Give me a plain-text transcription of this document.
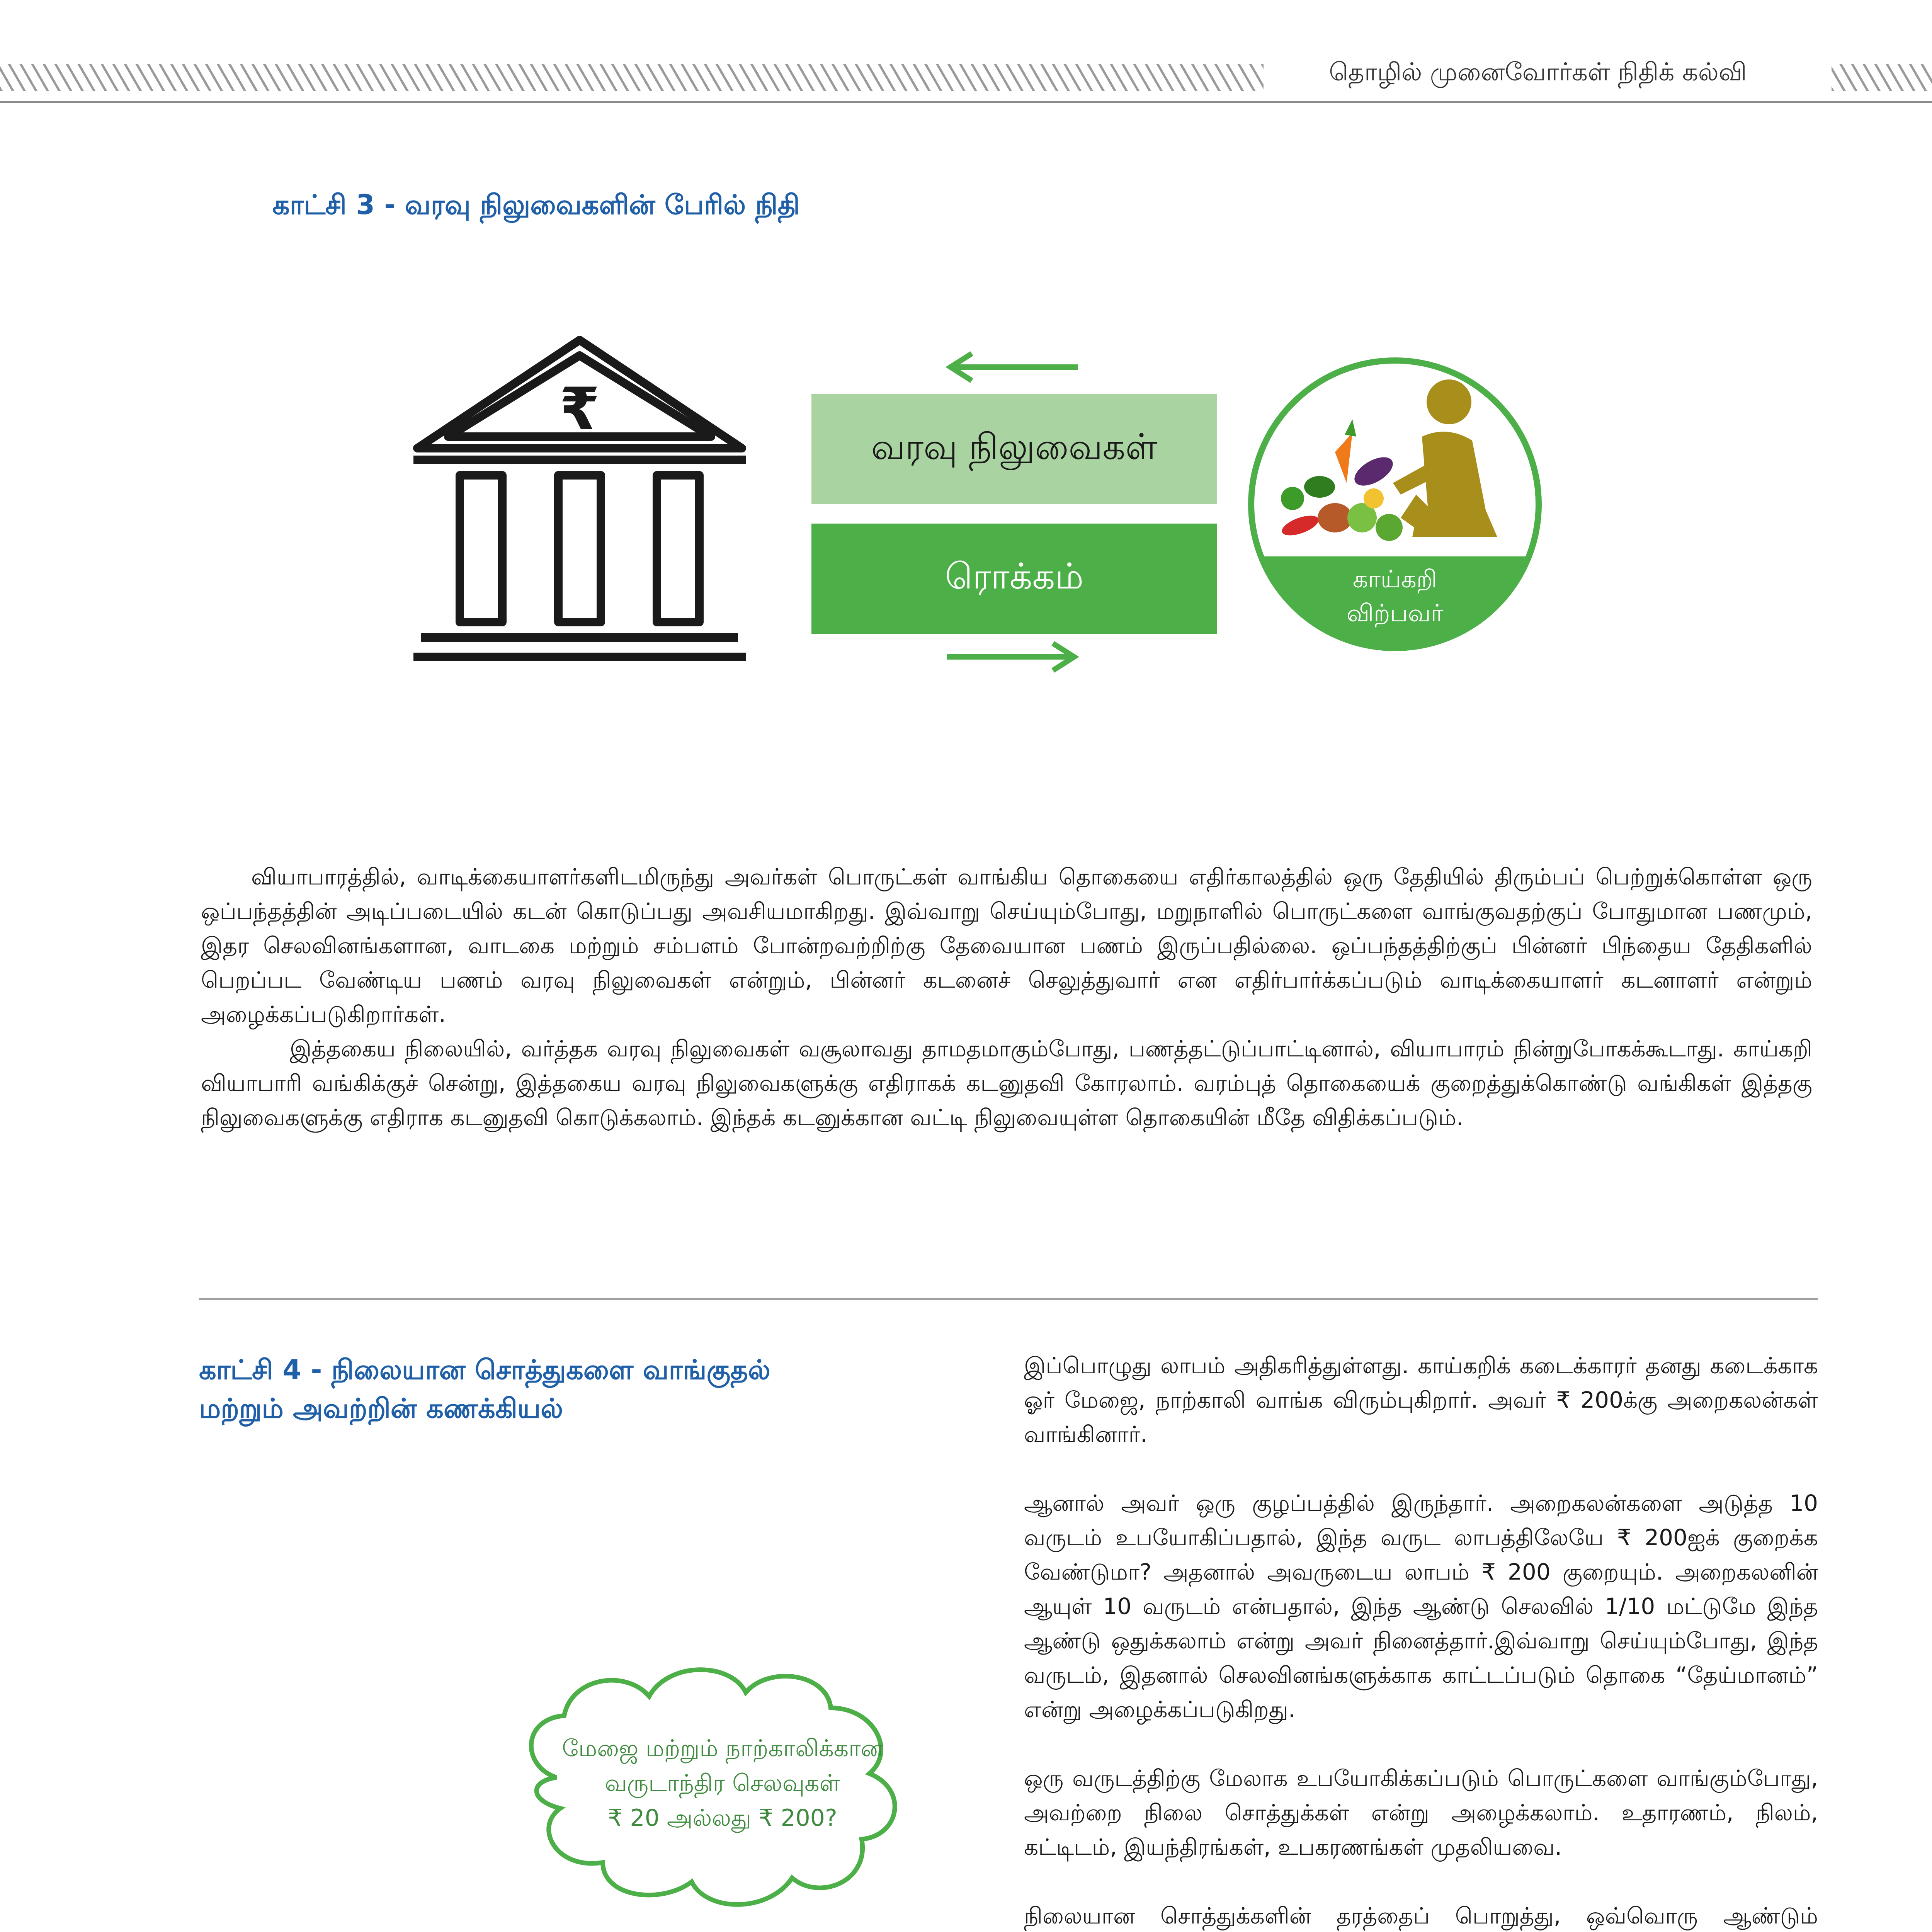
தொழில் முனைவோர்கள் நிதிக் கல்வி
காட்சி 3 - வரவு நிலுவைகளின் பேரில் நிதி
₹
வரவு நிலுவைகள்
ரொக்கம்	காய்கறி
விற்பவர்

வியாபாரத்தில், வாடிக்கையாளர்களிடமிருந்து அவர்கள் பொருட்கள் வாங்கிய தொகையை எதிர்காலத்தில் ஒரு தேதியில் திரும்பப் பெற்றுக்கொள்ள ஒரு ஒப்பந்தத்தின் அடிப்படையில் கடன் கொடுப்பது அவசியமாகிறது. இவ்வாறு செய்யும்போது, மறுநாளில் பொருட்களை வாங்குவதற்குப் போதுமான பணமும், இதர செலவினங்களான, வாடகை மற்றும் சம்பளம் போன்றவற்றிற்கு தேவையான பணம் இருப்பதில்லை. ஒப்பந்தத்திற்குப் பின்னர் பிந்தைய தேதிகளில் பெறப்பட வேண்டிய பணம் வரவு நிலுவைகள் என்றும், பின்னர் கடனைச் செலுத்துவார் என எதிர்பார்க்கப்படும் வாடிக்கையாளர் கடனாளர் என்றும் அழைக்கப்படுகிறார்கள்.

இத்தகைய நிலையில், வர்த்தக வரவு நிலுவைகள் வசூலாவது தாமதமாகும்போது, பணத்தட்டுப்பாட்டினால், வியாபாரம் நின்றுபோகக்கூடாது. காய்கறி வியாபாரி வங்கிக்குச் சென்று, இத்தகைய வரவு நிலுவைகளுக்கு எதிராகக் கடனுதவி கோரலாம். வரம்புத் தொகையைக் குறைத்துக்கொண்டு வங்கிகள் இத்தகு நிலுவைகளுக்கு எதிராக கடனுதவி கொடுக்கலாம். இந்தக் கடனுக்கான வட்டி நிலுவையுள்ள தொகையின் மீதே விதிக்கப்படும்.

காட்சி 4 - நிலையான சொத்துகளை வாங்குதல்
மற்றும் அவற்றின் கணக்கியல்
மேஜை மற்றும் நாற்காலிக்கான
வருடாந்திர செலவுகள்
₹ 20 அல்லது ₹ 200?

இப்பொழுது லாபம் அதிகரித்துள்ளது. காய்கறிக் கடைக்காரர் தனது கடைக்காக ஓர் மேஜை, நாற்காலி வாங்க விரும்புகிறார். அவர் ₹ 200க்கு அறைகலன்கள் வாங்கினார்.

ஆனால் அவர் ஒரு குழப்பத்தில் இருந்தார். அறைகலன்களை அடுத்த 10 வருடம் உபயோகிப்பதால், இந்த வருட லாபத்திலேயே ₹ 200ஐக் குறைக்க வேண்டுமா? அதனால் அவருடைய லாபம் ₹ 200 குறையும். அறைகலனின் ஆயுள் 10 வருடம் என்பதால், இந்த ஆண்டு செலவில் 1/10 மட்டுமே இந்த ஆண்டு ஒதுக்கலாம் என்று அவர் நினைத்தார்.இவ்வாறு செய்யும்போது, இந்த வருடம், இதனால் செலவினங்களுக்காக காட்டப்படும் தொகை “தேய்மானம்” என்று அழைக்கப்படுகிறது.

ஒரு வருடத்திற்கு மேலாக உபயோகிக்கப்படும் பொருட்களை வாங்கும்போது, அவற்றை நிலை சொத்துக்கள் என்று அழைக்கலாம். உதாரணம், நிலம், கட்டிடம், இயந்திரங்கள், உபகரணங்கள் முதலியவை.

நிலையான சொத்துக்களின் தரத்தைப் பொறுத்து, ஒவ்வொரு ஆண்டும்
